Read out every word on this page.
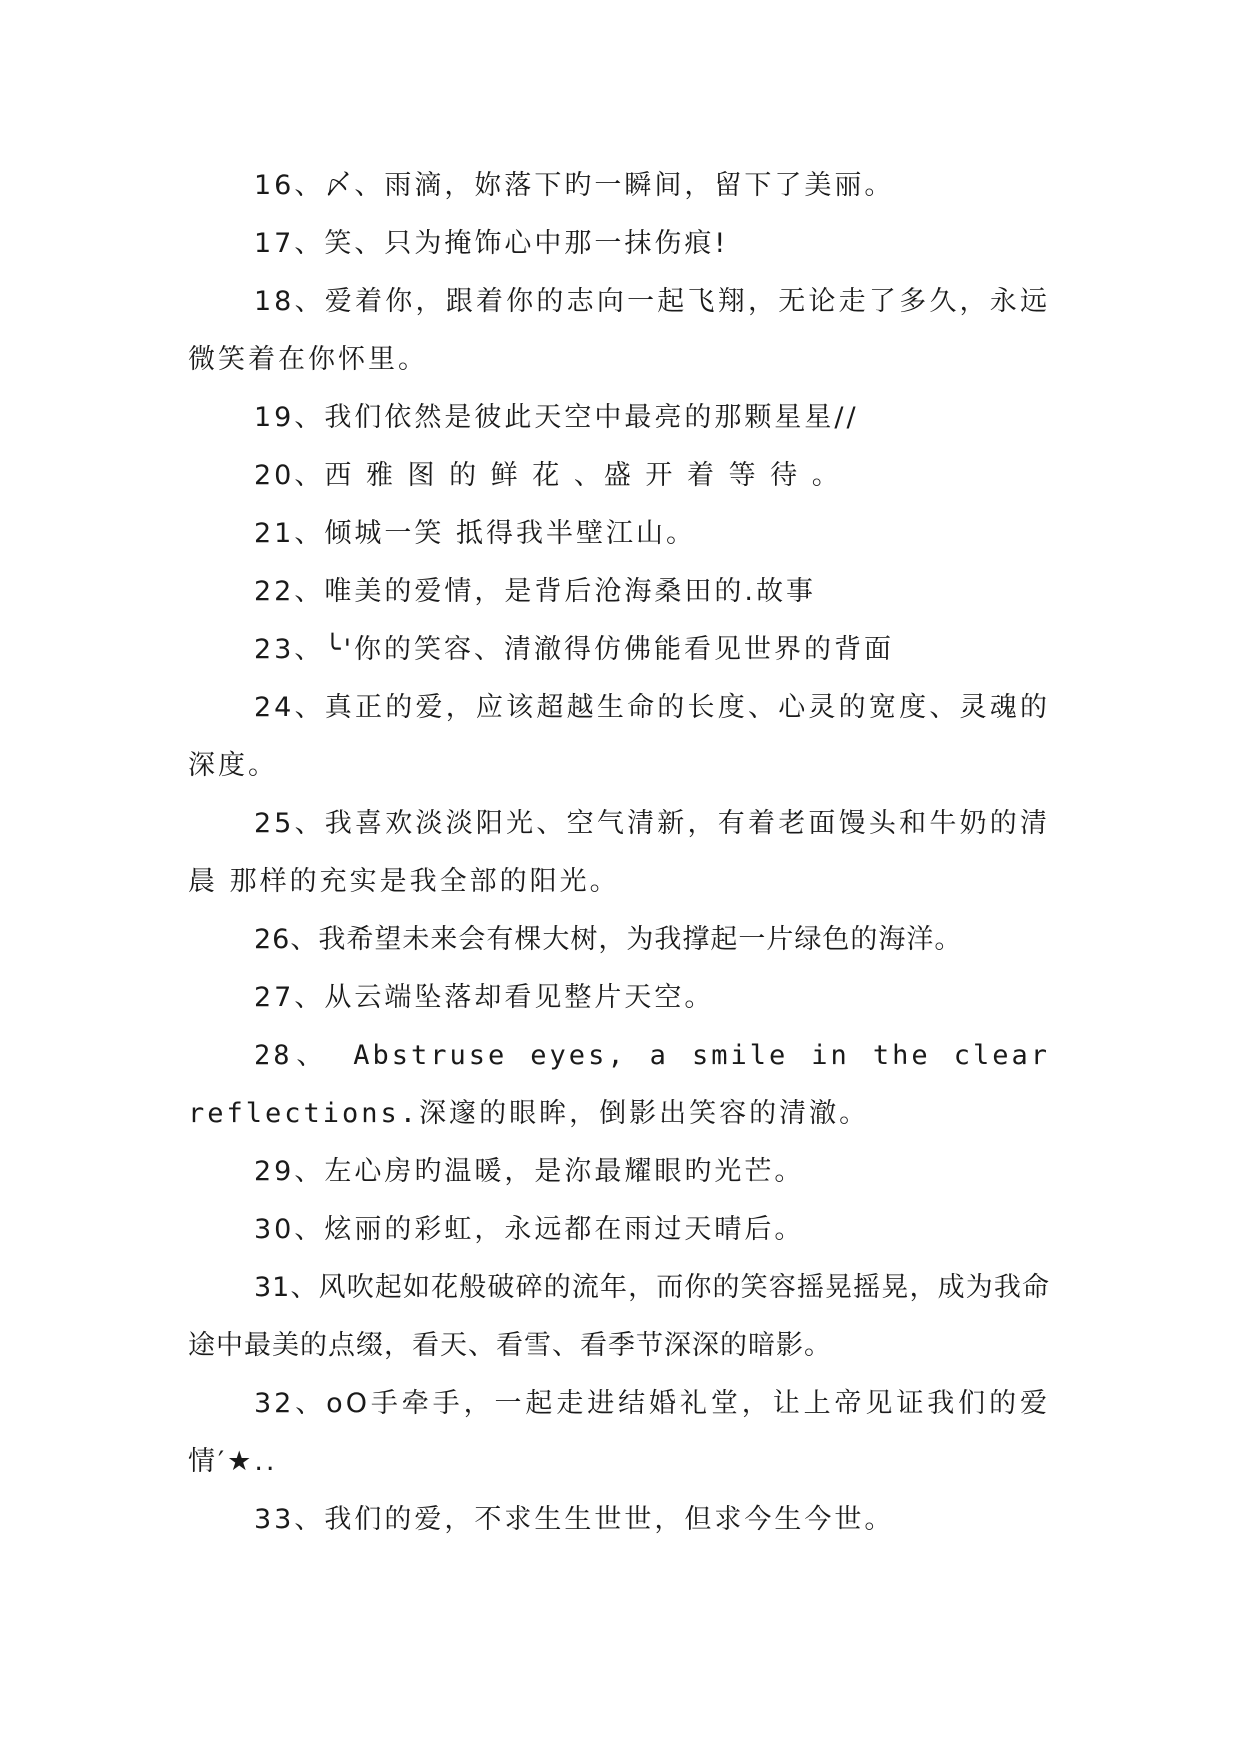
16、〆、雨滴，妳落下旳一瞬间，留下了美丽。

17、笑、只为掩饰心中那一抹伤痕!

18、爱着你，跟着你的志向一起飞翔，无论走了多久，永远微笑着在你怀里。

19、我们依然是彼此天空中最亮的那颗星星//

20、西 雅 图 的 鲜 花 、盛 开 着 等 待 。

21、倾城一笑 抵得我半壁江山。

22、唯美的爱情，是背后沧海桑田的.故事

23、╰'你的笑容、清澈得仿佛能看见世界的背面

24、真正的爱，应该超越生命的长度、心灵的宽度、灵魂的深度。

25、我喜欢淡淡阳光、空气清新，有着老面馒头和牛奶的清晨 那样的充实是我全部的阳光。

26、我希望未来会有棵大树，为我撑起一片绿色的海洋。

27、从云端坠落却看见整片天空。

28、 Abstruse eyes, a smile in the clear reflections.深邃的眼眸，倒影出笑容的清澈。

29、左心房旳温暖，是沵最耀眼旳光芒。

30、炫丽的彩虹，永远都在雨过天晴后。

31、风吹起如花般破碎的流年，而你的笑容摇晃摇晃，成为我命途中最美的点缀，看天、看雪、看季节深深的暗影。

32、oO手牵手，一起走进结婚礼堂，让上帝见证我们的爱情′★..

33、我们的爱，不求生生世世，但求今生今世。
